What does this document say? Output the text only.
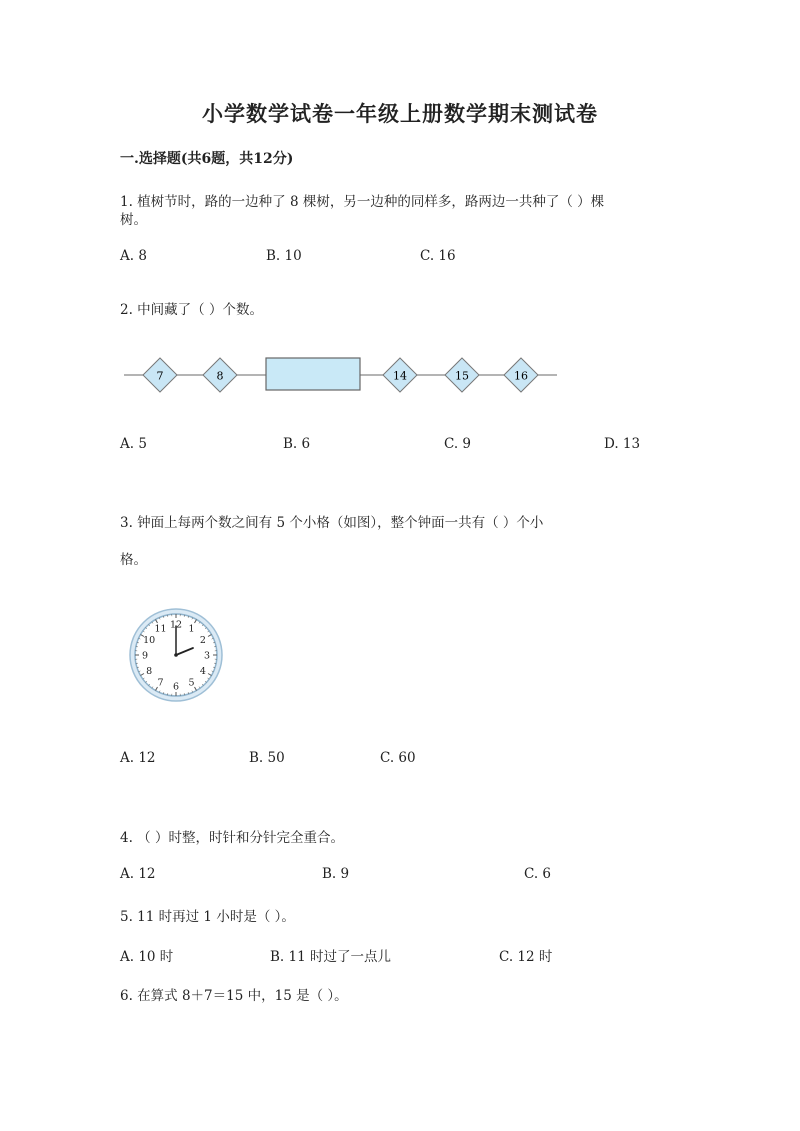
小学数学试卷一年级上册数学期末测试卷
一.选择题(共6题，共12分)
1. 植树节时，路的一边种了 8 棵树，另一边种的同样多，路两边一共种了（ ）棵
树。
A. 8	B. 10	C. 16
2. 中间藏了（ ）个数。
7	8	14	15	16
A. 5	B. 6	C. 9	D. 13
3. 钟面上每两个数之间有 5 个小格（如图），整个钟面一共有（ ）个小
格。
12 1
2
3
4
5
6
7
8
9
10
11
A. 12	B. 50	C. 60
4. （ ）时整，时针和分针完全重合。
A. 12	B. 9	C. 6
5. 11 时再过 1 小时是（ ）。
A. 10 时	B. 11 时过了一点儿	C. 12 时
6. 在算式 8＋7＝15 中，15 是（ ）。
